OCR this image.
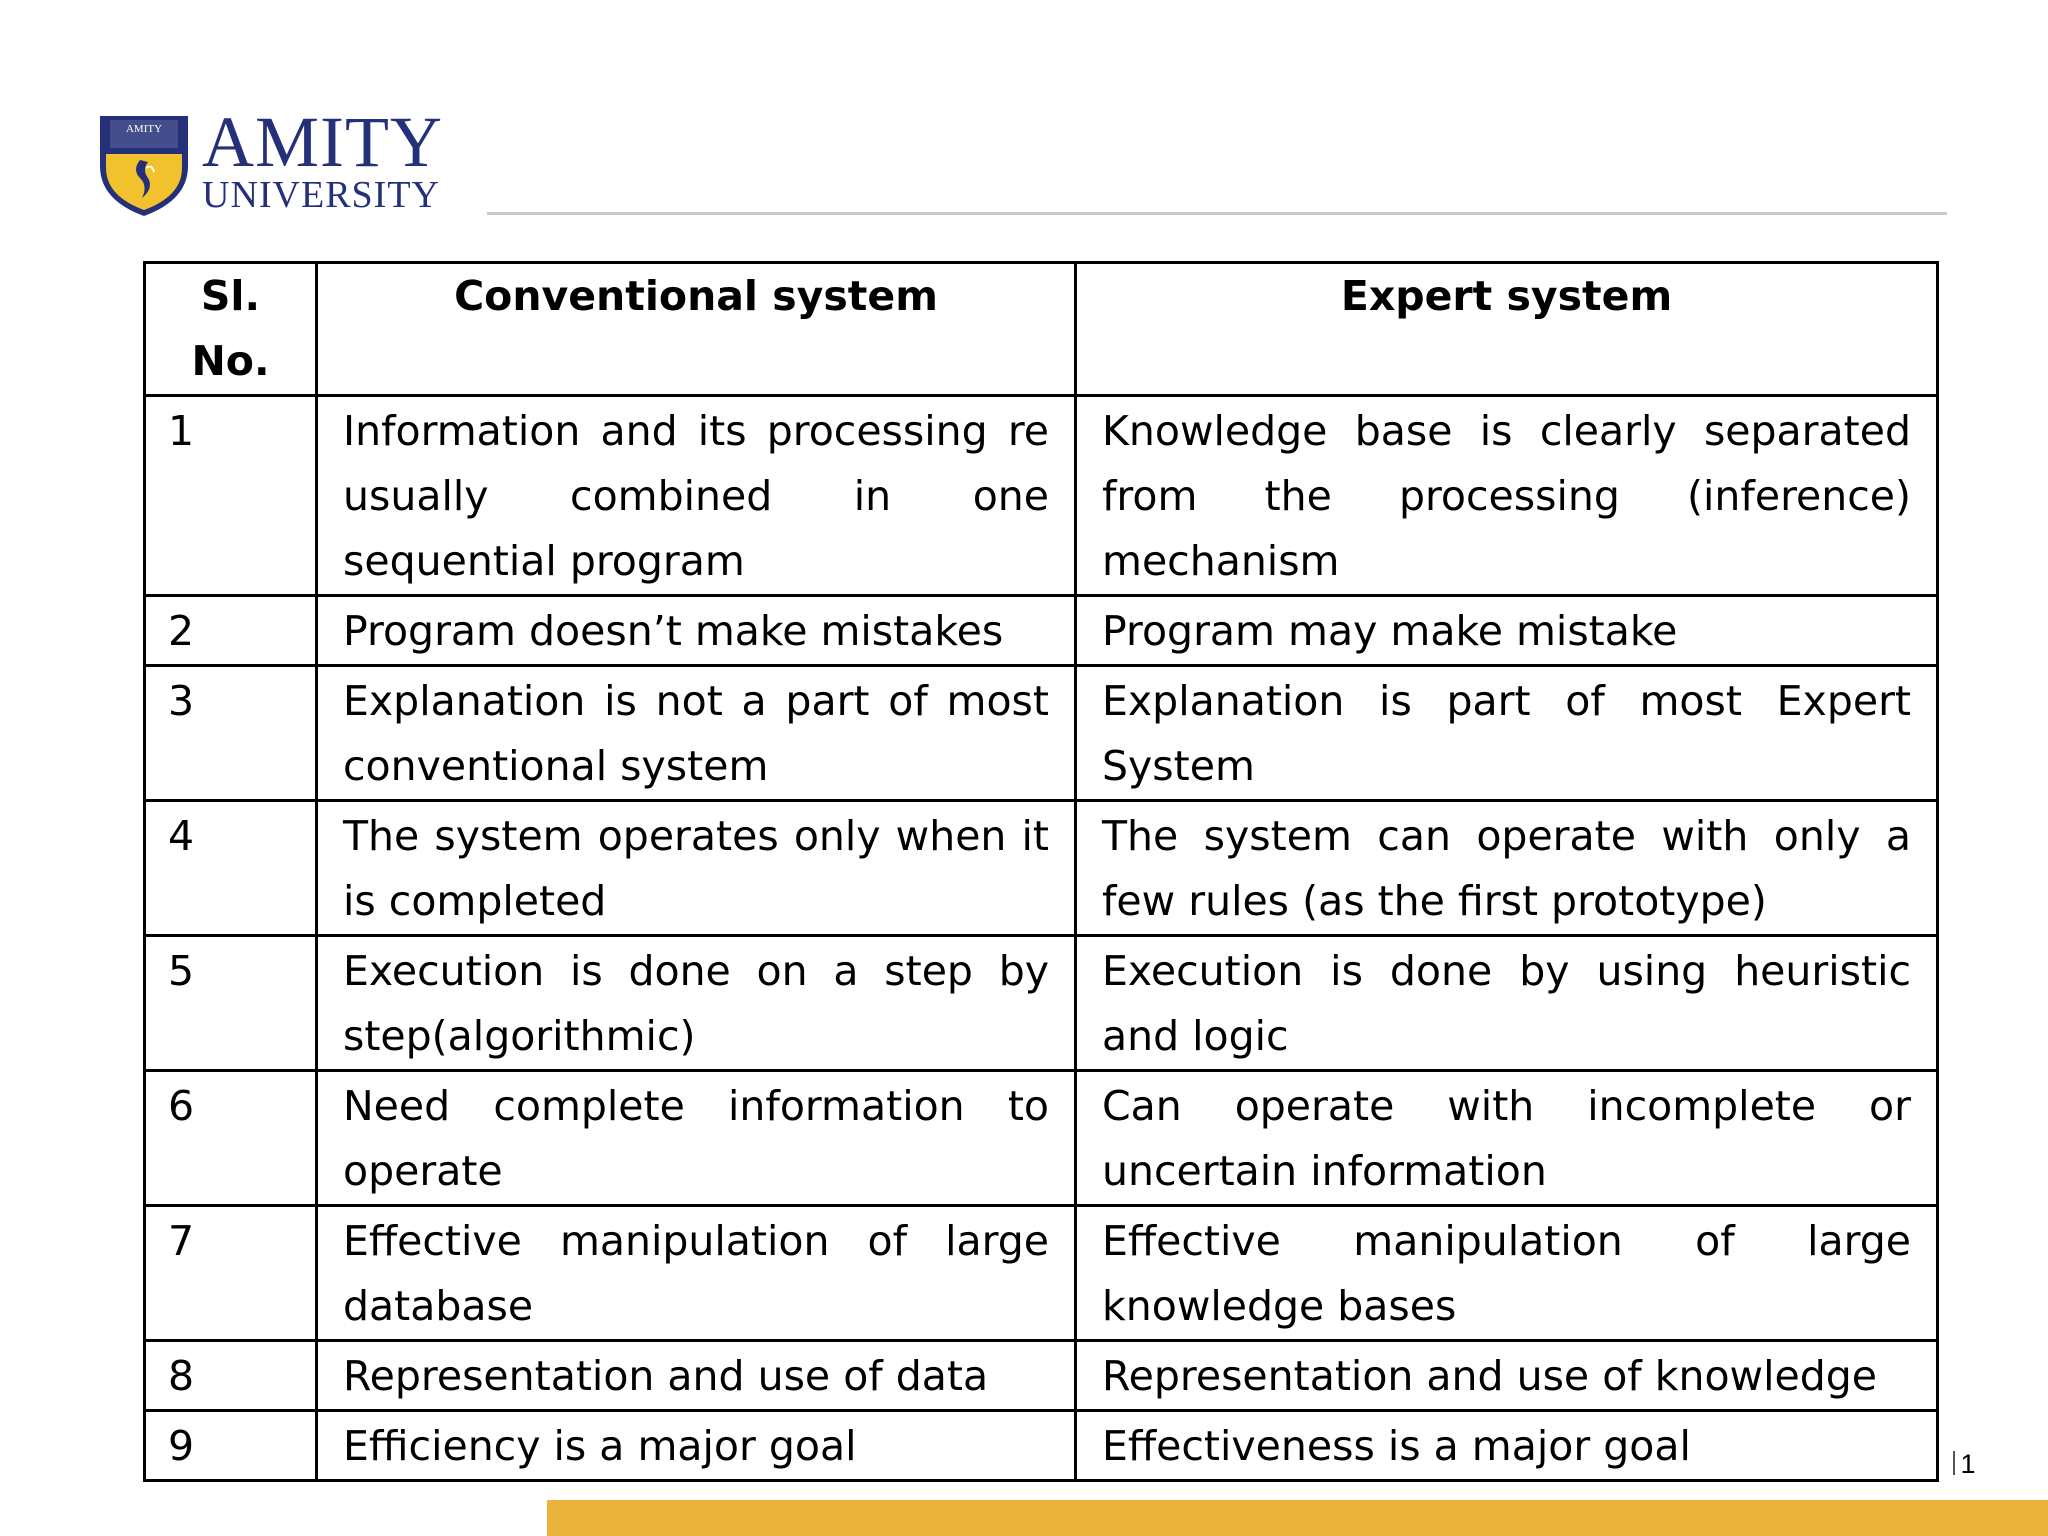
AMITY AMITY
UNIVERSITY
Sl.
No.	Conventional system	Expert system
1	Information and its processing re usually combined in one sequential program	Knowledge base is clearly separated from the processing (inference) mechanism
2	Program doesn’t make mistakes	Program may make mistake
3	Explanation is not a part of most conventional system	Explanation is part of most Expert System
4	The system operates only when it is completed	The system can operate with only a few rules (as the first prototype)
5	Execution is done on a step by step(algorithmic)	Execution is done by using heuristic and logic
6	Need complete information to operate	Can operate with incomplete or uncertain information
7	Effective manipulation of large database	Effective manipulation of large knowledge bases
8	Representation and use of data	Representation and use of knowledge
9	Efficiency is a major goal	Effectiveness is a major goal	1
